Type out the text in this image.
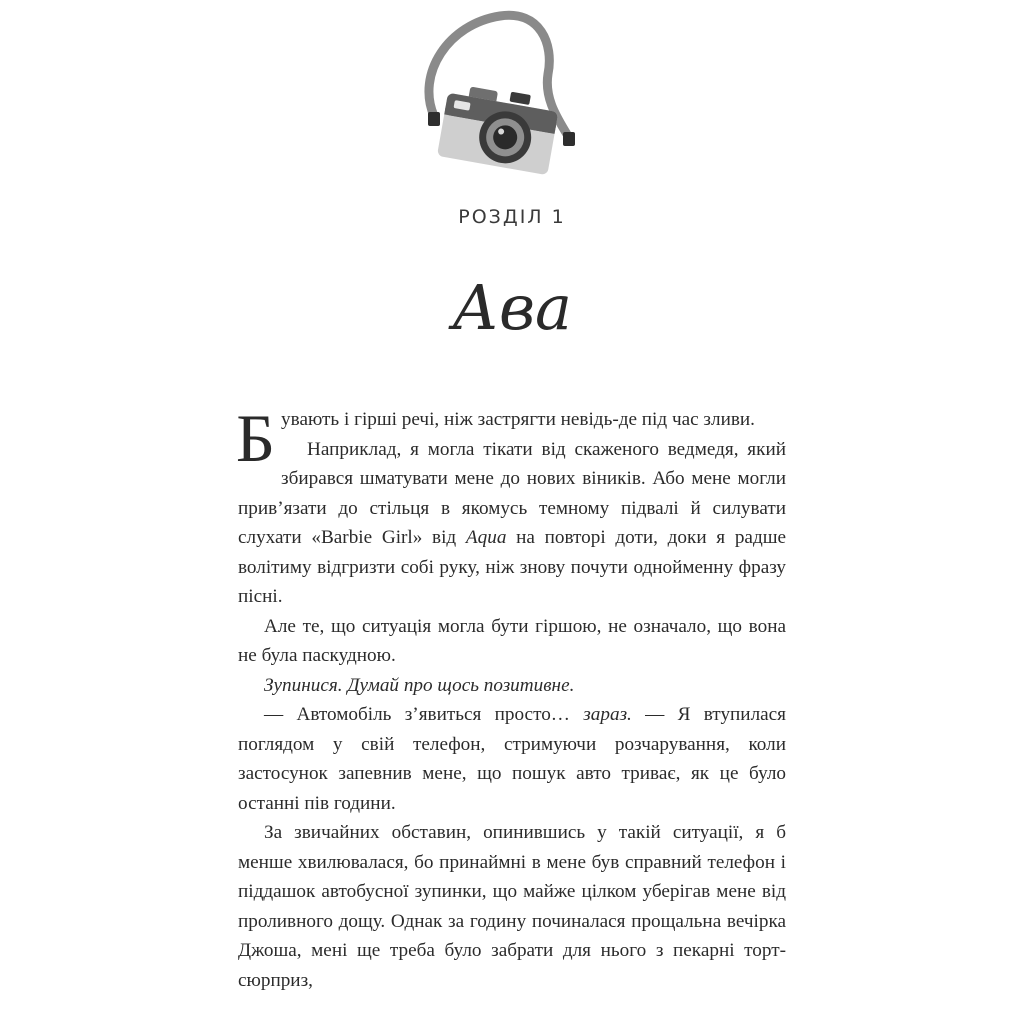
РОЗДІЛ 1
Ава

Бувають і гірші речі, ніж застрягти невідь-де під час зливи.

Наприклад, я могла тікати від скаженого ведмедя, який збирався шматувати мене до нових віників. Або мене могли прив’язати до стільця в якомусь темному підвалі й силувати слухати «Barbie Girl» від Aqua на повторі доти, доки я радше волітиму відгризти собі руку, ніж знову почути однойменну фразу пісні.

Але те, що ситуація могла бути гіршою, не означало, що вона не була паскудною.

Зупинися. Думай про щось позитивне.

— Автомобіль з’явиться просто… зараз. — Я втупилася поглядом у свій телефон, стримуючи розчарування, коли застосунок запевнив мене, що пошук авто триває, як це було останні пів години.

За звичайних обставин, опинившись у такій ситуації, я б менше хвилювалася, бо принаймні в мене був справний телефон і піддашок автобусної зупинки, що майже цілком уберігав мене від проливного дощу. Однак за годину починалася прощальна вечірка Джоша, мені ще треба було забрати для нього з пекарні торт-сюрприз,
